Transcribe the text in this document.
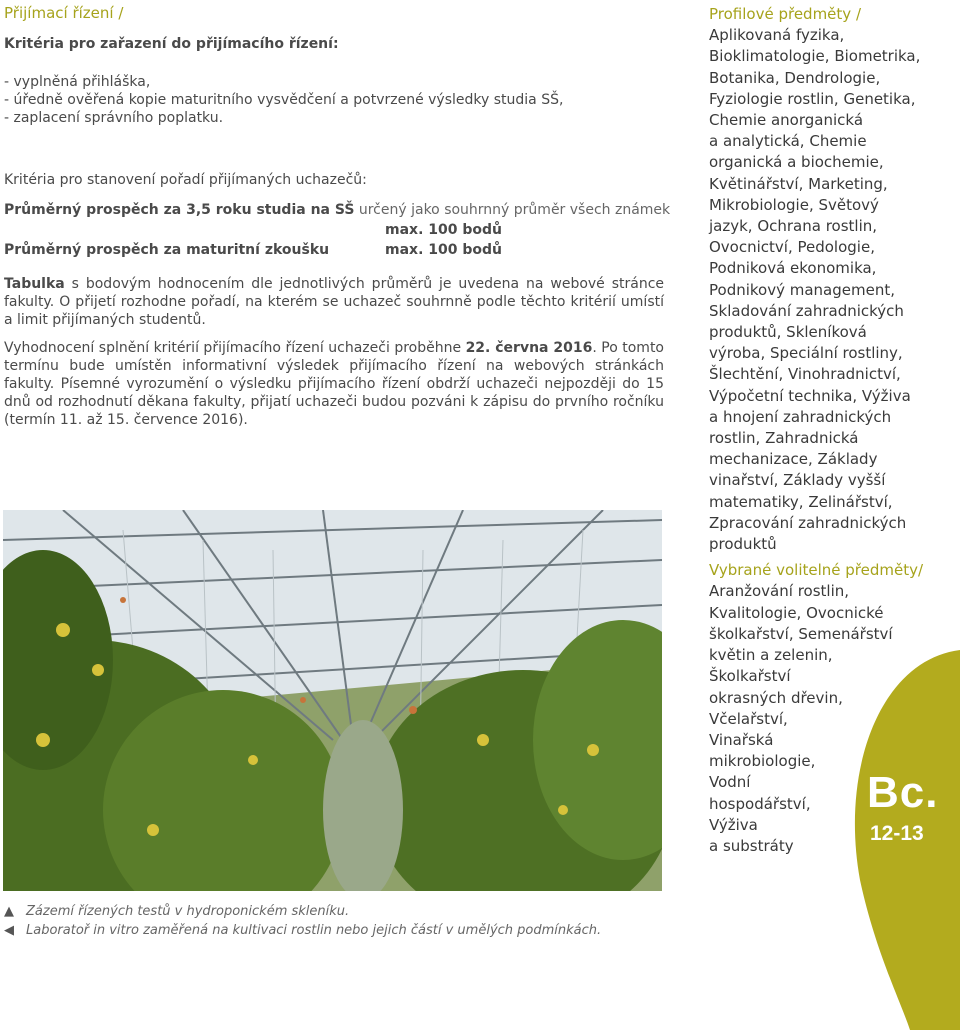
Přijímací řízení /
Kritéria pro zařazení do přijímacího řízení:
- vyplněná přihláška,
- úředně ověřená kopie maturitního vysvědčení a potvrzené výsledky studia SŠ,
- zaplacení správního poplatku.
Kritéria pro stanovení pořadí přijímaných uchazečů:
Průměrný prospěch za 3,5 roku studia na SŠ určený jako souhrnný průměr všech známek
max. 100 bodů
Průměrný prospěch za maturitní zkoušku	max. 100 bodů
Tabulka s bodovým hodnocením dle jednotlivých průměrů je uvedena na webové stránce fakulty. O přijetí rozhodne pořadí, na kterém se uchazeč souhrnně podle těchto kritérií umístí a limit přijímaných studentů.
Vyhodnocení splnění kritérií přijímacího řízení uchazeči proběhne 22. června 2016. Po tomto termínu bude umístěn informativní výsledek přijímacího řízení na webových stránkách fakulty. Písemné vyrozumění o výsledku přijímacího řízení obdrží uchazeči nejpozději do 15 dnů od rozhodnutí děkana fakulty, přijatí uchazeči budou pozváni k zápisu do prvního ročníku (termín 11. až 15. července 2016).
▲ Zázemí řízených testů v hydroponickém skleníku.
◀ Laboratoř in vitro zaměřená na kultivaci rostlin nebo jejich částí v umělých podmínkách.
Profilové předměty /
Aplikovaná fyzika,
Bioklimatologie, Biometrika,
Botanika, Dendrologie,
Fyziologie rostlin, Genetika,
Chemie anorganická
a analytická, Chemie
organická a biochemie,
Květinářství, Marketing,
Mikrobiologie, Světový
jazyk, Ochrana rostlin,
Ovocnictví, Pedologie,
Podniková ekonomika,
Podnikový management,
Skladování zahradnických
produktů, Skleníková
výroba, Speciální rostliny,
Šlechtění, Vinohradnictví,
Výpočetní technika, Výživa
a hnojení zahradnických
rostlin, Zahradnická
mechanizace, Základy
vinařství, Základy vyšší
matematiky, Zelinářství,
Zpracování zahradnických
produktů
Vybrané volitelné předměty/
Aranžování rostlin,
Kvalitologie, Ovocnické
školkařství, Semenářství
květin a zelenin,
Školkařství
okrasných dřevin,
Včelařství,
Vinařská
mikrobiologie,
Vodní
hospodářství,
Výživa
a substráty
Bc.
12-13
